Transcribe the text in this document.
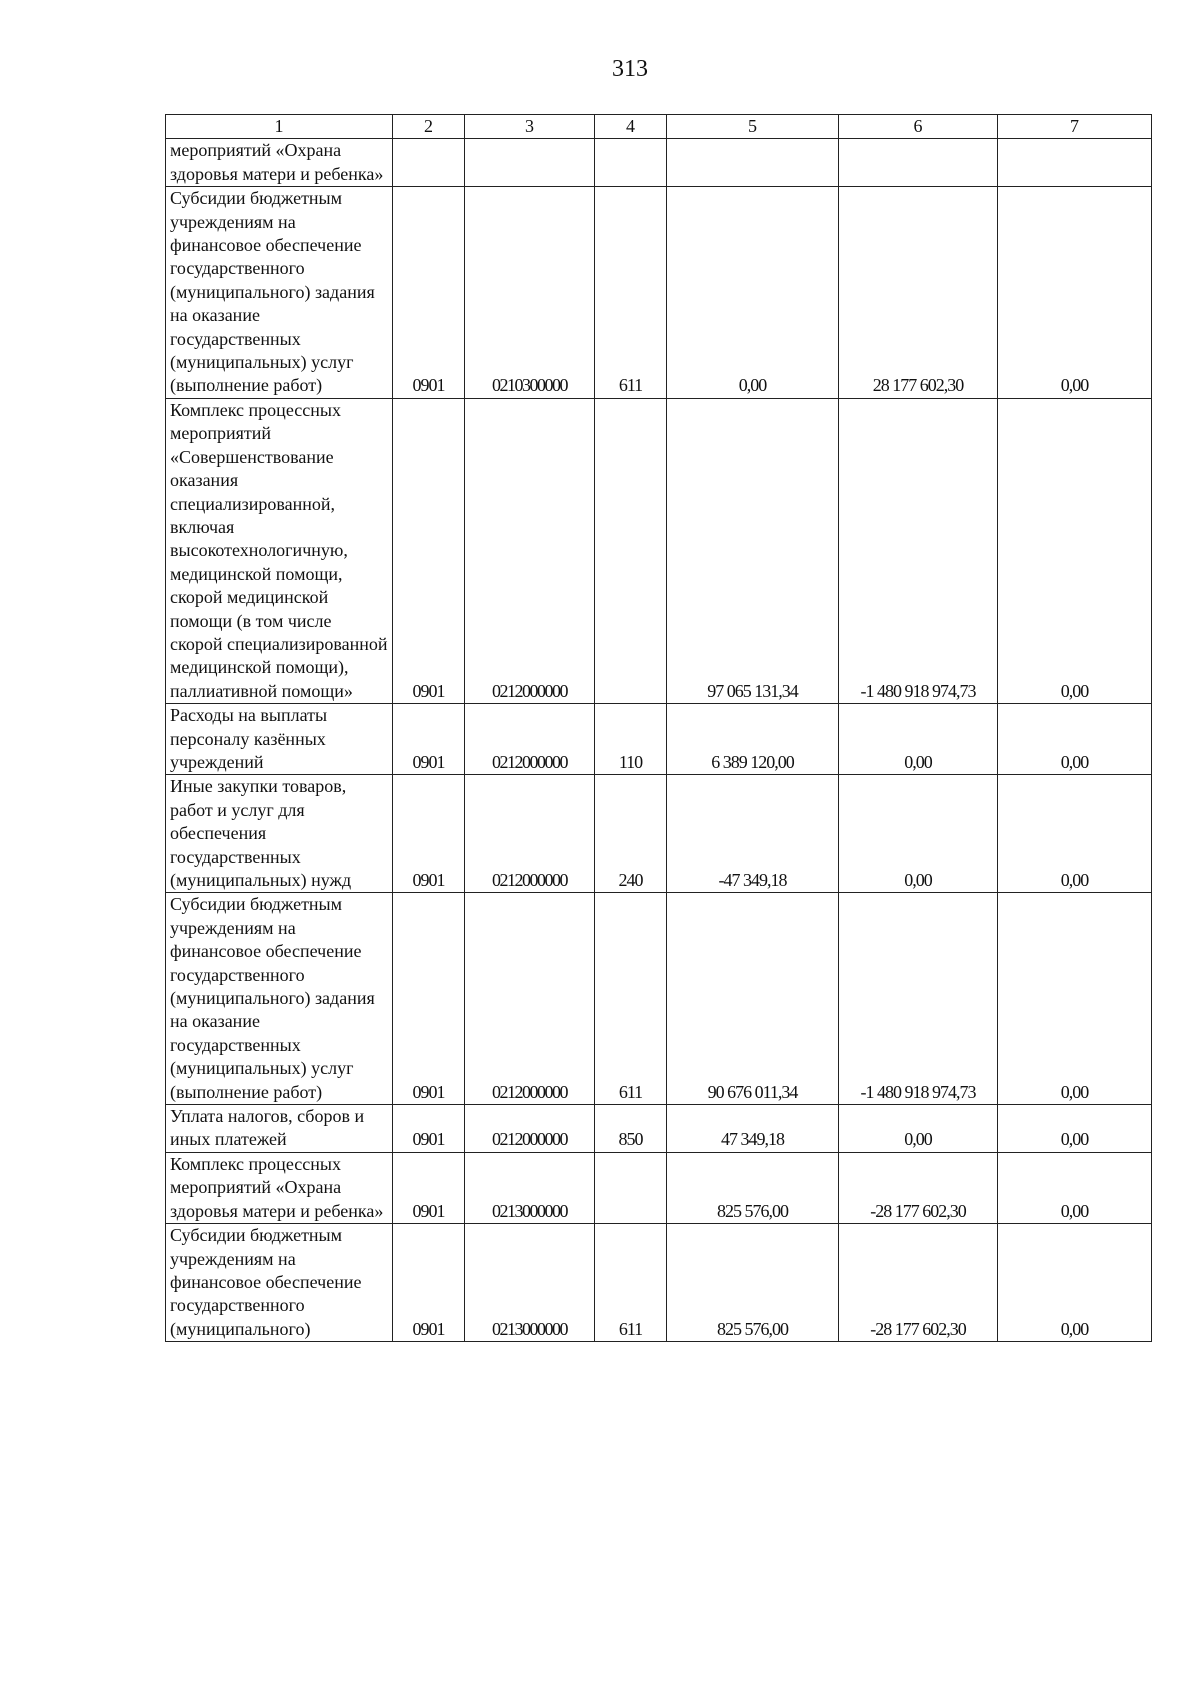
313
1	2	3	4	5	6	7
мероприятий «Охрана здоровья матери и ребенка»						
Субсидии бюджетным учреждениям на финансовое обеспечение государственного (муниципального) задания на оказание государственных (муниципальных) услуг (выполнение работ)	0901	0210300000	611	0,00	28 177 602,30	0,00
Комплекс процессных мероприятий «Совершенствование оказания специализированной, включая высокотехнологичную, медицинской помощи, скорой медицинской помощи (в том числе скорой специализированной медицинской помощи), паллиативной помощи»	0901	0212000000		97 065 131,34	-1 480 918 974,73	0,00
Расходы на выплаты персоналу казённых учреждений	0901	0212000000	110	6 389 120,00	0,00	0,00
Иные закупки товаров, работ и услуг для обеспечения государственных (муниципальных) нужд	0901	0212000000	240	-47 349,18	0,00	0,00
Субсидии бюджетным учреждениям на финансовое обеспечение государственного (муниципального) задания на оказание государственных (муниципальных) услуг (выполнение работ)	0901	0212000000	611	90 676 011,34	-1 480 918 974,73	0,00
Уплата налогов, сборов и иных платежей	0901	0212000000	850	47 349,18	0,00	0,00
Комплекс процессных мероприятий «Охрана здоровья матери и ребенка»	0901	0213000000		825 576,00	-28 177 602,30	0,00
Субсидии бюджетным учреждениям на финансовое обеспечение государственного (муниципального)	0901	0213000000	611	825 576,00	-28 177 602,30	0,00
